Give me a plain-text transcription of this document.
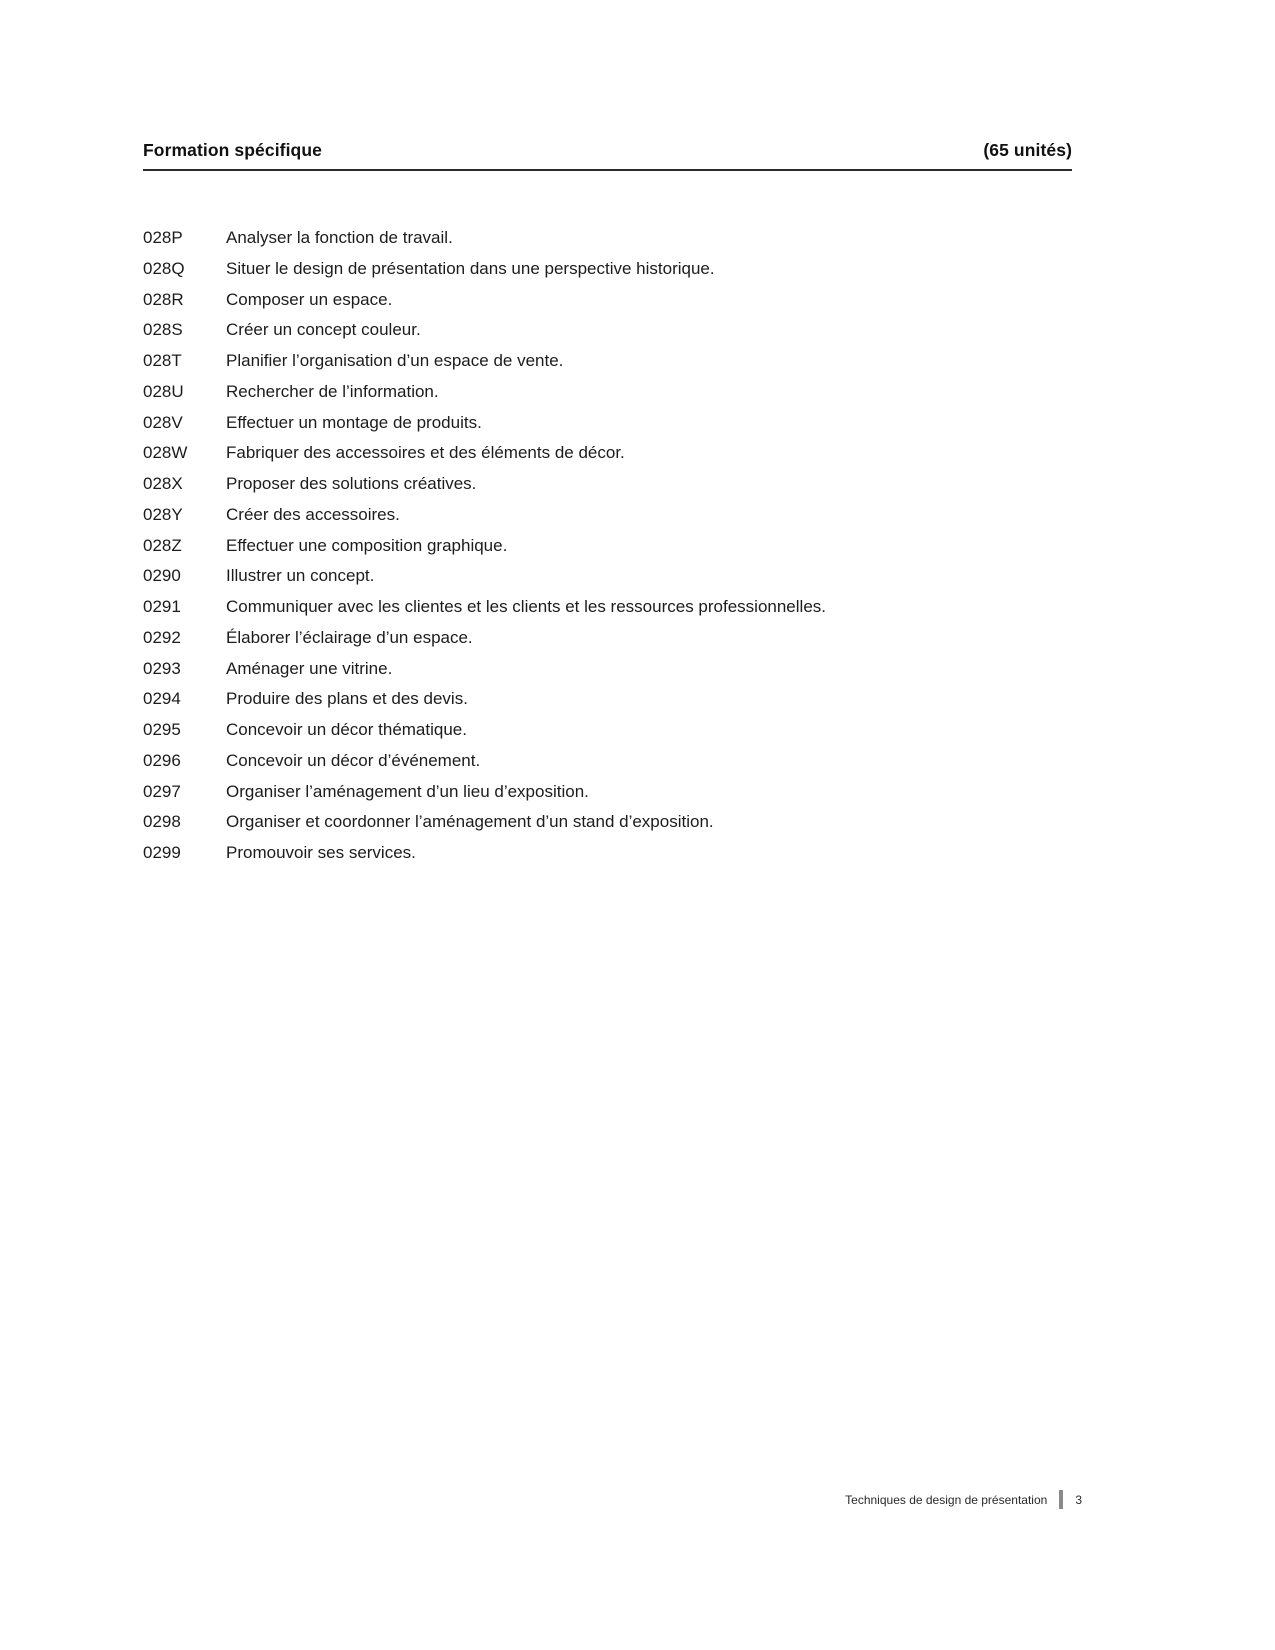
Formation spécifique	(65 unités)
028P	Analyser la fonction de travail.
028Q	Situer le design de présentation dans une perspective historique.
028R	Composer un espace.
028S	Créer un concept couleur.
028T	Planifier l’organisation d’un espace de vente.
028U	Rechercher de l’information.
028V	Effectuer un montage de produits.
028W	Fabriquer des accessoires et des éléments de décor.
028X	Proposer des solutions créatives.
028Y	Créer des accessoires.
028Z	Effectuer une composition graphique.
0290	Illustrer un concept.
0291	Communiquer avec les clientes et les clients et les ressources professionnelles.
0292	Élaborer l’éclairage d’un espace.
0293	Aménager une vitrine.
0294	Produire des plans et des devis.
0295	Concevoir un décor thématique.
0296	Concevoir un décor d’événement.
0297	Organiser l’aménagement d’un lieu d’exposition.
0298	Organiser et coordonner l’aménagement d’un stand d’exposition.
0299	Promouvoir ses services.
Techniques de design de présentation 3
